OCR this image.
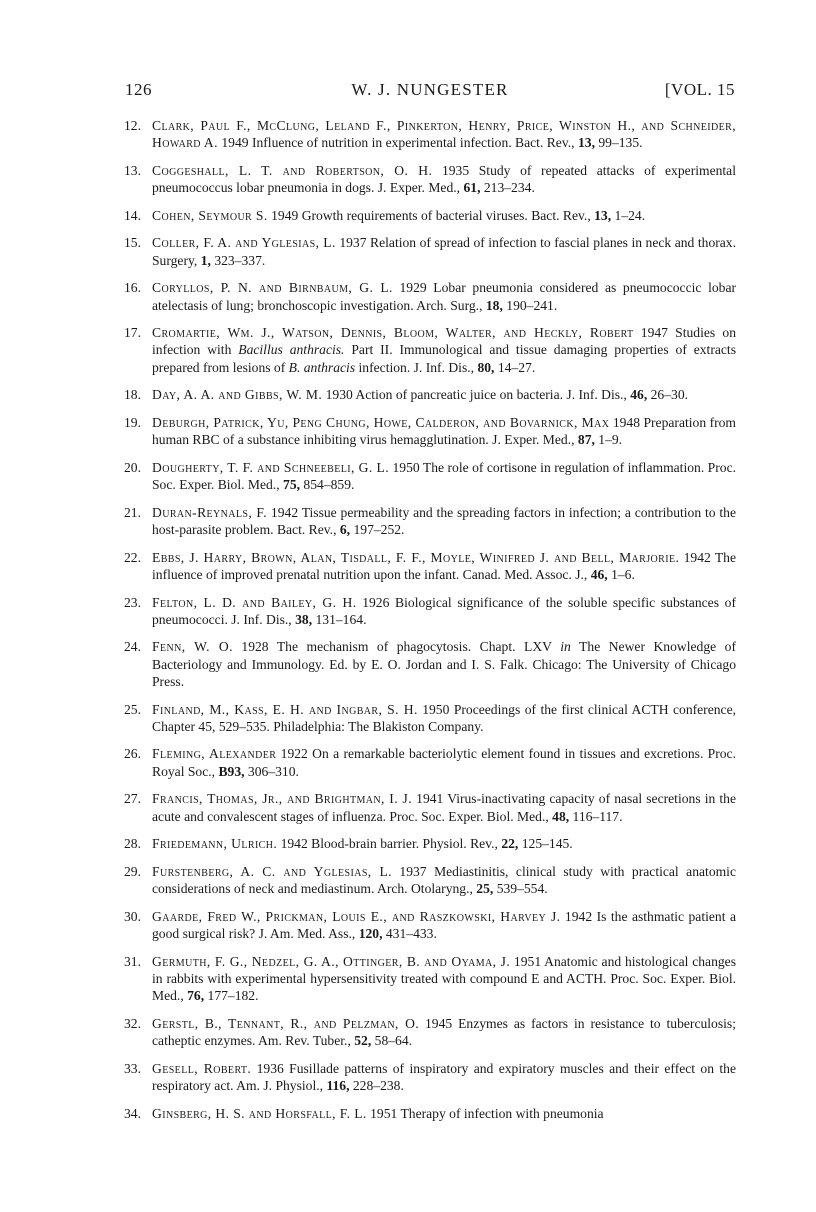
126	W. J. NUNGESTER	[VOL. 15
12. Clark, Paul F., McClung, Leland F., Pinkerton, Henry, Price, Winston H., and Schneider, Howard A. 1949 Influence of nutrition in experimental infection. Bact. Rev., 13, 99–135.
13. Coggeshall, L. T. and Robertson, O. H. 1935 Study of repeated attacks of experimental pneumococcus lobar pneumonia in dogs. J. Exper. Med., 61, 213–234.
14. Cohen, Seymour S. 1949 Growth requirements of bacterial viruses. Bact. Rev., 13, 1–24.
15. Coller, F. A. and Yglesias, L. 1937 Relation of spread of infection to fascial planes in neck and thorax. Surgery, 1, 323–337.
16. Coryllos, P. N. and Birnbaum, G. L. 1929 Lobar pneumonia considered as pneumococcic lobar atelectasis of lung; bronchoscopic investigation. Arch. Surg., 18, 190–241.
17. Cromartie, Wm. J., Watson, Dennis, Bloom, Walter, and Heckly, Robert 1947 Studies on infection with Bacillus anthracis. Part II. Immunological and tissue damaging properties of extracts prepared from lesions of B. anthracis infection. J. Inf. Dis., 80, 14–27.
18. Day, A. A. and Gibbs, W. M. 1930 Action of pancreatic juice on bacteria. J. Inf. Dis., 46, 26–30.
19. Deburgh, Patrick, Yu, Peng Chung, Howe, Calderon, and Bovarnick, Max 1948 Preparation from human RBC of a substance inhibiting virus hemagglutination. J. Exper. Med., 87, 1–9.
20. Dougherty, T. F. and Schneebeli, G. L. 1950 The role of cortisone in regulation of inflammation. Proc. Soc. Exper. Biol. Med., 75, 854–859.
21. Duran-Reynals, F. 1942 Tissue permeability and the spreading factors in infection; a contribution to the host-parasite problem. Bact. Rev., 6, 197–252.
22. Ebbs, J. Harry, Brown, Alan, Tisdall, F. F., Moyle, Winifred J. and Bell, Marjorie. 1942 The influence of improved prenatal nutrition upon the infant. Canad. Med. Assoc. J., 46, 1–6.
23. Felton, L. D. and Bailey, G. H. 1926 Biological significance of the soluble specific substances of pneumococci. J. Inf. Dis., 38, 131–164.
24. Fenn, W. O. 1928 The mechanism of phagocytosis. Chapt. LXV in The Newer Knowledge of Bacteriology and Immunology. Ed. by E. O. Jordan and I. S. Falk. Chicago: The University of Chicago Press.
25. Finland, M., Kass, E. H. and Ingbar, S. H. 1950 Proceedings of the first clinical ACTH conference, Chapter 45, 529–535. Philadelphia: The Blakiston Company.
26. Fleming, Alexander 1922 On a remarkable bacteriolytic element found in tissues and excretions. Proc. Royal Soc., B93, 306–310.
27. Francis, Thomas, Jr., and Brightman, I. J. 1941 Virus-inactivating capacity of nasal secretions in the acute and convalescent stages of influenza. Proc. Soc. Exper. Biol. Med., 48, 116–117.
28. Friedemann, Ulrich. 1942 Blood-brain barrier. Physiol. Rev., 22, 125–145.
29. Furstenberg, A. C. and Yglesias, L. 1937 Mediastinitis, clinical study with practical anatomic considerations of neck and mediastinum. Arch. Otolaryng., 25, 539–554.
30. Gaarde, Fred W., Prickman, Louis E., and Raszkowski, Harvey J. 1942 Is the asthmatic patient a good surgical risk? J. Am. Med. Ass., 120, 431–433.
31. Germuth, F. G., Nedzel, G. A., Ottinger, B. and Oyama, J. 1951 Anatomic and histological changes in rabbits with experimental hypersensitivity treated with compound E and ACTH. Proc. Soc. Exper. Biol. Med., 76, 177–182.
32. Gerstl, B., Tennant, R., and Pelzman, O. 1945 Enzymes as factors in resistance to tuberculosis; catheptic enzymes. Am. Rev. Tuber., 52, 58–64.
33. Gesell, Robert. 1936 Fusillade patterns of inspiratory and expiratory muscles and their effect on the respiratory act. Am. J. Physiol., 116, 228–238.
34. Ginsberg, H. S. and Horsfall, F. L. 1951 Therapy of infection with pneumonia
